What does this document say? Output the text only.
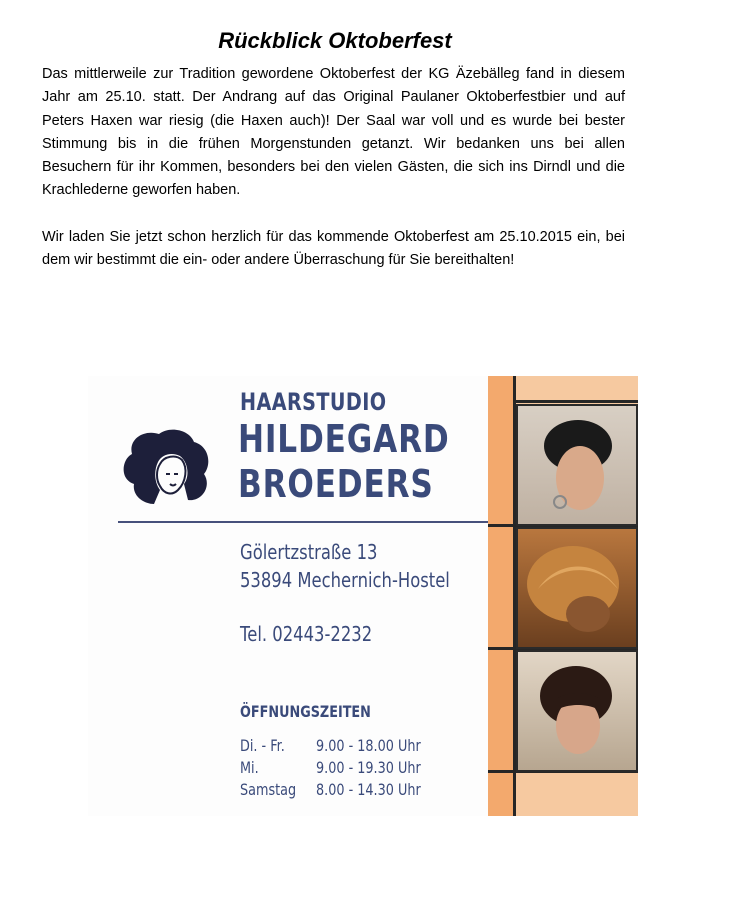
Rückblick Oktoberfest
Das mittlerweile zur Tradition gewordene Oktoberfest der KG Äzebälleg fand in diesem Jahr am 25.10. statt. Der Andrang auf das Original Paulaner Oktoberfestbier und auf Peters Haxen war riesig (die Haxen auch)! Der Saal war voll und es wurde bei bester Stimmung bis in die frühen Morgenstunden getanzt. Wir bedanken uns bei allen Besuchern für ihr Kommen, besonders bei den vielen Gästen, die sich ins Dirndl und die Krachlederne geworfen haben.
Wir laden Sie jetzt schon herzlich für das kommende Oktoberfest am 25.10.2015 ein, bei dem wir bestimmt die ein- oder andere Überraschung für Sie bereithalten!
HAARSTUDIO
HILDEGARD
BROEDERS
Gölertzstraße 13
53894 Mechernich-Hostel
Tel. 02443-2232
ÖFFNUNGSZEITEN
Di. - Fr. 9.00 - 18.00 Uhr
Mi.	9.00 - 19.30 Uhr
Samstag 8.00 - 14.30 Uhr
